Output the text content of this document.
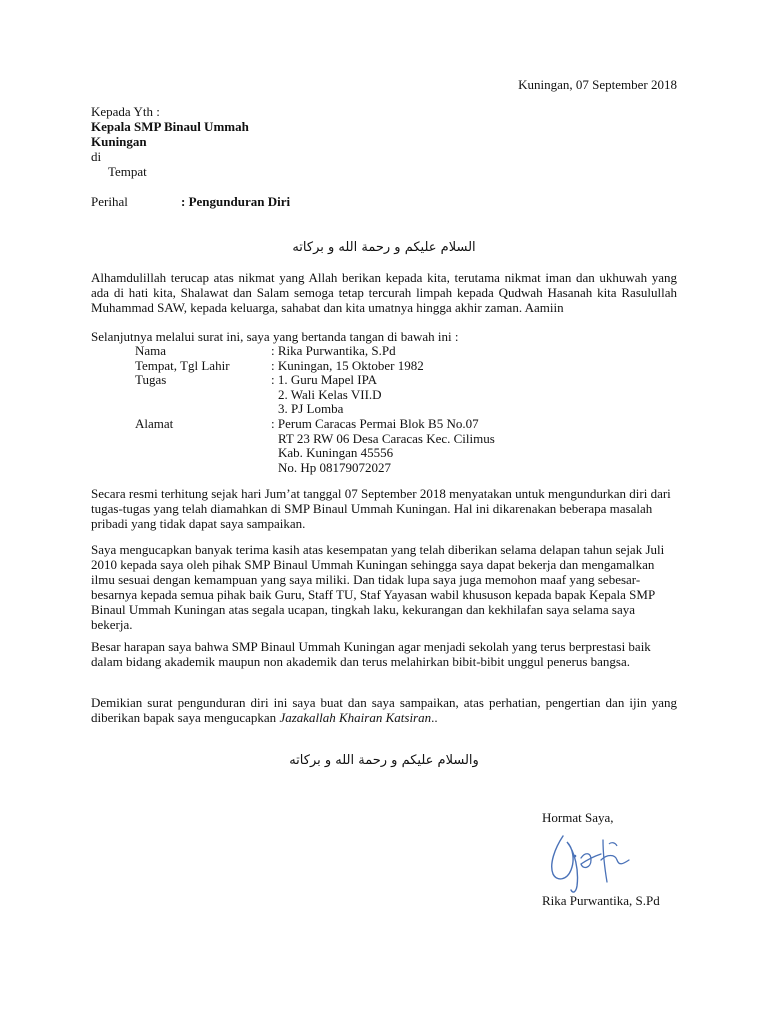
Kuningan, 07 September 2018
Kepada Yth :
Kepala SMP Binaul Ummah
Kuningan
di
Tempat
Perihal	: Pengunduran Diri
السلام عليكم و رحمة الله و بركاته
Alhamdulillah terucap atas nikmat yang Allah berikan kepada kita, terutama nikmat iman dan ukhuwah yang ada di hati kita, Shalawat dan Salam semoga tetap tercurah limpah kepada Qudwah Hasanah kita Rasulullah Muhammad SAW, kepada keluarga, sahabat dan kita umatnya hingga akhir zaman. Aamiin
Selanjutnya melalui surat ini, saya yang bertanda tangan di bawah ini :
Nama	: Rika Purwantika, S.Pd
Tempat, Tgl Lahir	: Kuningan, 15 Oktober 1982
Tugas	: 1. Guru Mapel IPA
2. Wali Kelas VII.D
3. PJ Lomba
Alamat	: Perum Caracas Permai Blok B5 No.07
RT 23 RW 06 Desa Caracas Kec. Cilimus
Kab. Kuningan 45556
No. Hp 08179072027
Secara resmi terhitung sejak hari Jum’at tanggal 07 September 2018 menyatakan untuk mengundurkan diri dari tugas-tugas yang telah diamahkan di SMP Binaul Ummah Kuningan. Hal ini dikarenakan beberapa masalah pribadi yang tidak dapat saya sampaikan.
Saya mengucapkan banyak terima kasih atas kesempatan yang telah diberikan selama delapan tahun sejak Juli 2010 kepada saya oleh pihak SMP Binaul Ummah Kuningan sehingga saya dapat bekerja dan mengamalkan ilmu sesuai dengan kemampuan yang saya miliki. Dan tidak lupa saya juga memohon maaf yang sebesar-besarnya kepada semua pihak baik Guru, Staff TU, Staf Yayasan wabil khususon kepada bapak Kepala SMP Binaul Ummah Kuningan atas segala ucapan, tingkah laku, kekurangan dan kekhilafan saya selama saya bekerja.
Besar harapan saya bahwa SMP Binaul Ummah Kuningan agar menjadi sekolah yang terus berprestasi baik dalam bidang akademik maupun non akademik dan terus melahirkan bibit-bibit unggul penerus bangsa.
Demikian surat pengunduran diri ini saya buat dan saya sampaikan, atas perhatian, pengertian dan ijin yang diberikan bapak saya mengucapkan Jazakallah Khairan Katsiran..
والسلام عليكم و رحمة الله و بركاته
Hormat Saya,
Rika Purwantika, S.Pd
